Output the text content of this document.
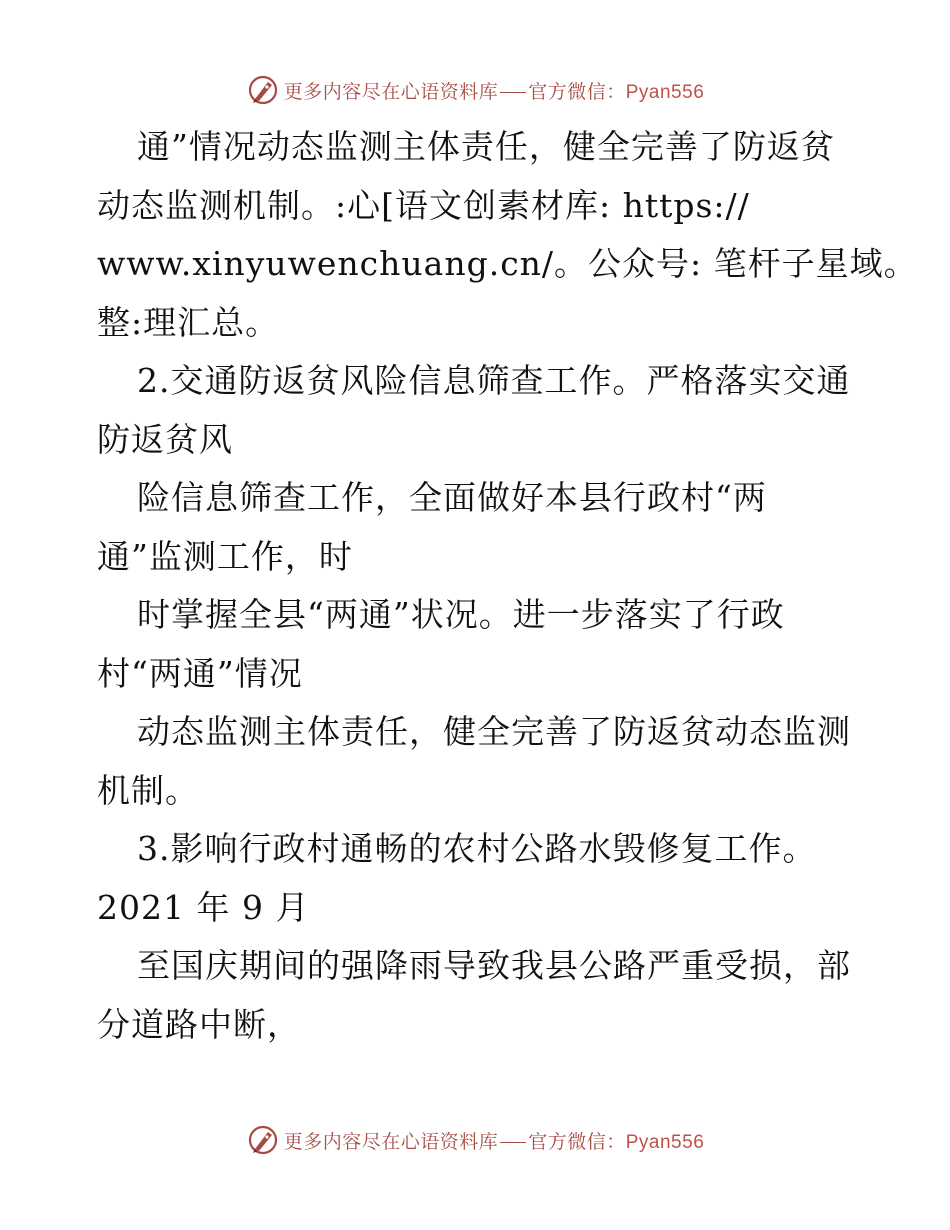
更多内容尽在心语资料库 官方微信：Pyan556
通”情况动态监测主体责任，健全完善了防返贫
动态监测机制。:心[语文创素材库: https://
www.xinyuwenchuang.cn/。公众号: 笔杆子星域。
整:理汇总。
2.交通防返贫风险信息筛查工作。严格落实交通
防返贫风
险信息筛查工作，全面做好本县行政村“两
通”监测工作，时
时掌握全县“两通”状况。进一步落实了行政
村“两通”情况
动态监测主体责任，健全完善了防返贫动态监测
机制。
3.影响行政村通畅的农村公路水毁修复工作。
2021 年 9 月
至国庆期间的强降雨导致我县公路严重受损，部
分道路中断，
更多内容尽在心语资料库 官方微信：Pyan556
